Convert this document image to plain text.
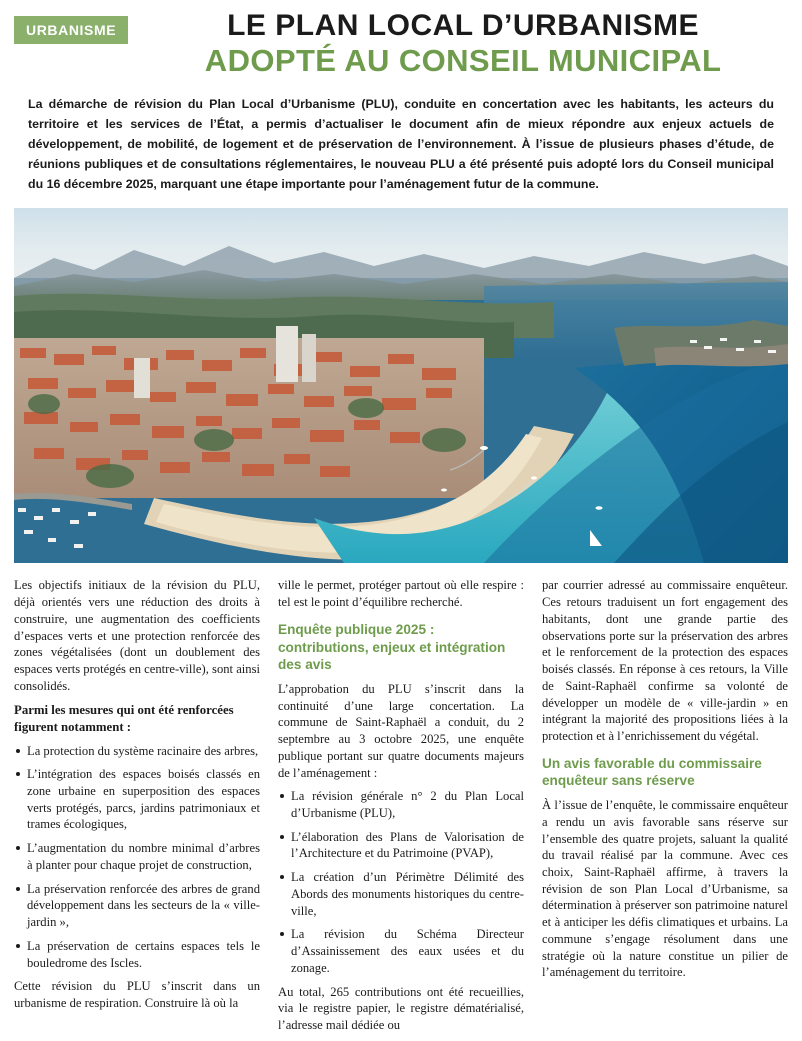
URBANISME	LE PLAN LOCAL D’URBANISME
ADOPTÉ AU CONSEIL MUNICIPAL

La démarche de révision du Plan Local d’Urbanisme (PLU), conduite en concertation avec les habitants, les acteurs du territoire et les services de l’État, a permis d’actualiser le document afin de mieux répondre aux enjeux actuels de développement, de mobilité, de logement et de préservation de l’environnement. À l’issue de plusieurs phases d’étude, de réunions publiques et de consultations réglementaires, le nouveau PLU a été présenté puis adopté lors du Conseil municipal du 16 décembre 2025, marquant une étape importante pour l’aménagement futur de la commune.

Les objectifs initiaux de la révision du PLU, déjà orientés vers une réduction des droits à construire, une augmentation des coefficients d’espaces verts et une protection renforcée des zones végétalisées (dont un doublement des espaces verts protégés en centre-ville), sont ainsi consolidés.

Parmi les mesures qui ont été renforcées figurent notamment :

La protection du système racinaire des arbres,
L’intégration des espaces boisés classés en zone urbaine en superposition des espaces verts protégés, parcs, jardins patrimoniaux et trames écologiques,
L’augmentation du nombre minimal d’arbres à planter pour chaque projet de construction,
La préservation renforcée des arbres de grand développement dans les secteurs de la « ville-jardin »,
La préservation de certains espaces tels le bouledrome des Iscles.

Cette révision du PLU s’inscrit dans un urbanisme de respiration. Construire là où la

ville le permet, protéger partout où elle respire : tel est le point d’équilibre recherché.

Enquête publique 2025 : contributions, enjeux et intégration des avis

L’approbation du PLU s’inscrit dans la continuité d’une large concertation. La commune de Saint-Raphaël a conduit, du 2 septembre au 3 octobre 2025, une enquête publique portant sur quatre documents majeurs de l’aménagement :

La révision générale n° 2 du Plan Local d’Urbanisme (PLU),
L’élaboration des Plans de Valorisation de l’Architecture et du Patrimoine (PVAP),
La création d’un Périmètre Délimité des Abords des monuments historiques du centre-ville,
La révision du Schéma Directeur d’Assainissement des eaux usées et du zonage.

Au total, 265 contributions ont été recueillies, via le registre papier, le registre dématérialisé, l’adresse mail dédiée ou

par courrier adressé au commissaire enquêteur. Ces retours traduisent un fort engagement des habitants, dont une grande partie des observations porte sur la préservation des arbres et le renforcement de la protection des espaces boisés classés. En réponse à ces retours, la Ville de Saint-Raphaël confirme sa volonté de développer un modèle de « ville-jardin » en intégrant la majorité des propositions liées à la protection et à l’enrichissement du végétal.

Un avis favorable du commissaire enquêteur sans réserve

À l’issue de l’enquête, le commissaire enquêteur a rendu un avis favorable sans réserve sur l’ensemble des quatre projets, saluant la qualité du travail réalisé par la commune. Avec ces choix, Saint-Raphaël affirme, à travers la révision de son Plan Local d’Urbanisme, sa détermination à préserver son patrimoine naturel et à anticiper les défis climatiques et urbains. La commune s’engage résolument dans une stratégie où la nature constitue un pilier de l’aménagement du territoire.
